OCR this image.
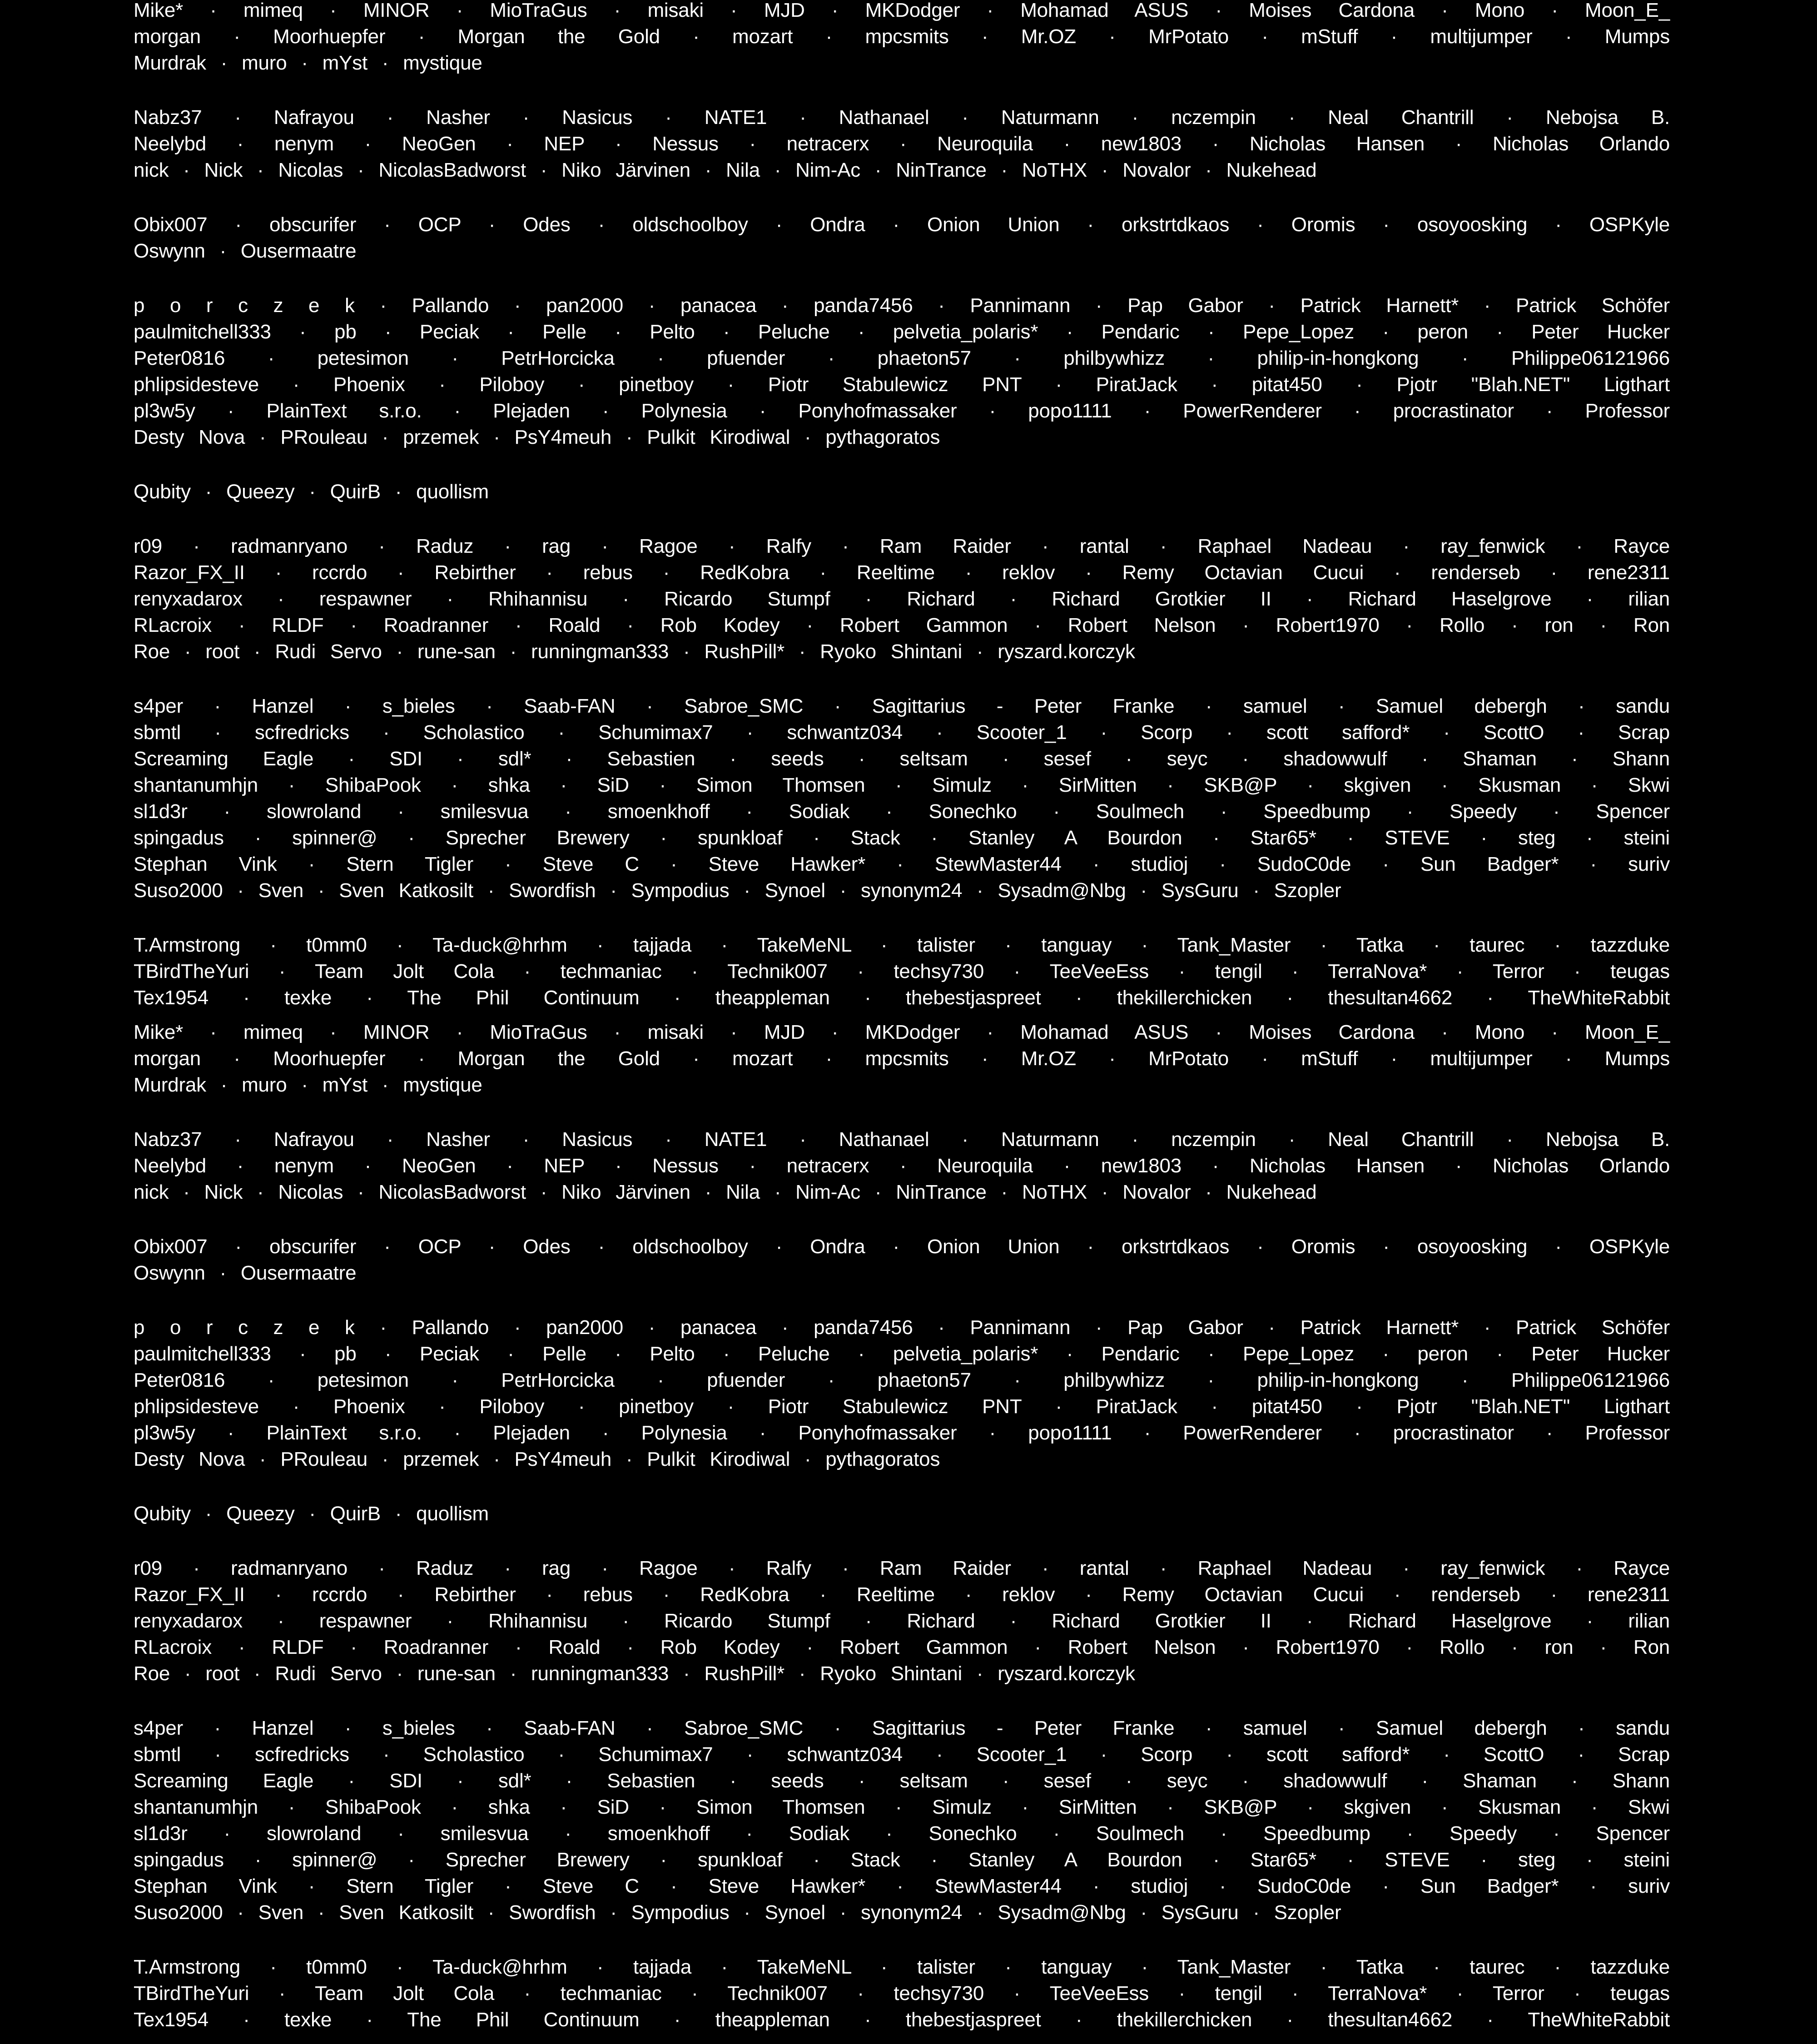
Mike* · mimeq · MINOR · MioTraGus · misaki · MJD · MKDodger · Mohamad ASUS · Moises Cardona · Mono · Moon_E_
morgan · Moorhuepfer · Morgan the Gold · mozart · mpcsmits · Mr.OZ · MrPotato · mStuff · multijumper · Mumps
Murdrak · muro · mYst · mystique
Nabz37 · Nafrayou · Nasher · Nasicus · NATE1 · Nathanael · Naturmann · nczempin · Neal Chantrill · Nebojsa B.
Neelybd · nenym · NeoGen · NEP · Nessus · netracerx · Neuroquila · new1803 · Nicholas Hansen · Nicholas Orlando
nick · Nick · Nicolas · NicolasBadworst · Niko Järvinen · Nila · Nim-Ac · NinTrance · NoTHX · Novalor · Nukehead
Obix007 · obscurifer · OCP · Odes · oldschoolboy · Ondra · Onion Union · orkstrtdkaos · Oromis · osoyoosking · OSPKyle
Oswynn · Ousermaatre
p o r c z e k · Pallando · pan2000 · panacea · panda7456 · Pannimann · Pap Gabor · Patrick Harnett* · Patrick Schöfer
paulmitchell333 · pb · Peciak · Pelle · Pelto · Peluche · pelvetia_polaris* · Pendaric · Pepe_Lopez · peron · Peter Hucker
Peter0816 · petesimon · PetrHorcicka · pfuender · phaeton57 · philbywhizz · philip-in-hongkong · Philippe06121966
phlipsidesteve · Phoenix · Piloboy · pinetboy · Piotr Stabulewicz PNT · PiratJack · pitat450 · Pjotr "Blah.NET" Ligthart
pl3w5y · PlainText s.r.o. · Plejaden · Polynesia · Ponyhofmassaker · popo1111 · PowerRenderer · procrastinator · Professor
Desty Nova · PRouleau · przemek · PsY4meuh · Pulkit Kirodiwal · pythagoratos
Qubity · Queezy · QuirB · quollism
r09 · radmanryano · Raduz · rag · Ragoe · Ralfy · Ram Raider · rantal · Raphael Nadeau · ray_fenwick · Rayce
Razor_FX_II · rccrdo · Rebirther · rebus · RedKobra · Reeltime · reklov · Remy Octavian Cucui · renderseb · rene2311
renyxadarox · respawner · Rhihannisu · Ricardo Stumpf · Richard · Richard Grotkier II · Richard Haselgrove · rilian
RLacroix · RLDF · Roadranner · Roald · Rob Kodey · Robert Gammon · Robert Nelson · Robert1970 · Rollo · ron · Ron
Roe · root · Rudi Servo · rune-san · runningman333 · RushPill* · Ryoko Shintani · ryszard.korczyk
s4per · Hanzel · s_bieles · Saab-FAN · Sabroe_SMC · Sagittarius - Peter Franke · samuel · Samuel debergh · sandu
sbmtl · scfredricks · Scholastico · Schumimax7 · schwantz034 · Scooter_1 · Scorp · scott safford* · ScottO · Scrap
Screaming Eagle · SDI · sdl* · Sebastien · seeds · seltsam · sesef · seyc · shadowwulf · Shaman · Shann
shantanumhjn · ShibaPook · shka · SiD · Simon Thomsen · Simulz · SirMitten · SKB@P · skgiven · Skusman · Skwi
sl1d3r · slowroland · smilesvua · smoenkhoff · Sodiak · Sonechko · Soulmech · Speedbump · Speedy · Spencer
spingadus · spinner@ · Sprecher Brewery · spunkloaf · Stack · Stanley A Bourdon · Star65* · STEVE · steg · steini
Stephan Vink · Stern Tigler · Steve C · Steve Hawker* · StewMaster44 · studioj · SudoC0de · Sun Badger* · suriv
Suso2000 · Sven · Sven Katkosilt · Swordfish · Sympodius · Synoel · synonym24 · Sysadm@Nbg · SysGuru · Szopler
T.Armstrong · t0mm0 · Ta-duck@hrhm · tajjada · TakeMeNL · talister · tanguay · Tank_Master · Tatka · taurec · tazzduke
TBirdTheYuri · Team Jolt Cola · techmaniac · Technik007 · techsy730 · TeeVeeEss · tengil · TerraNova* · Terror · teugas
Tex1954 · texke · The Phil Continuum · theappleman · thebestjaspreet · thekillerchicken · thesultan4662 · TheWhiteRabbit
Mike* · mimeq · MINOR · MioTraGus · misaki · MJD · MKDodger · Mohamad ASUS · Moises Cardona · Mono · Moon_E_
morgan · Moorhuepfer · Morgan the Gold · mozart · mpcsmits · Mr.OZ · MrPotato · mStuff · multijumper · Mumps
Murdrak · muro · mYst · mystique
Nabz37 · Nafrayou · Nasher · Nasicus · NATE1 · Nathanael · Naturmann · nczempin · Neal Chantrill · Nebojsa B.
Neelybd · nenym · NeoGen · NEP · Nessus · netracerx · Neuroquila · new1803 · Nicholas Hansen · Nicholas Orlando
nick · Nick · Nicolas · NicolasBadworst · Niko Järvinen · Nila · Nim-Ac · NinTrance · NoTHX · Novalor · Nukehead
Obix007 · obscurifer · OCP · Odes · oldschoolboy · Ondra · Onion Union · orkstrtdkaos · Oromis · osoyoosking · OSPKyle
Oswynn · Ousermaatre
p o r c z e k · Pallando · pan2000 · panacea · panda7456 · Pannimann · Pap Gabor · Patrick Harnett* · Patrick Schöfer
paulmitchell333 · pb · Peciak · Pelle · Pelto · Peluche · pelvetia_polaris* · Pendaric · Pepe_Lopez · peron · Peter Hucker
Peter0816 · petesimon · PetrHorcicka · pfuender · phaeton57 · philbywhizz · philip-in-hongkong · Philippe06121966
phlipsidesteve · Phoenix · Piloboy · pinetboy · Piotr Stabulewicz PNT · PiratJack · pitat450 · Pjotr "Blah.NET" Ligthart
pl3w5y · PlainText s.r.o. · Plejaden · Polynesia · Ponyhofmassaker · popo1111 · PowerRenderer · procrastinator · Professor
Desty Nova · PRouleau · przemek · PsY4meuh · Pulkit Kirodiwal · pythagoratos
Qubity · Queezy · QuirB · quollism
r09 · radmanryano · Raduz · rag · Ragoe · Ralfy · Ram Raider · rantal · Raphael Nadeau · ray_fenwick · Rayce
Razor_FX_II · rccrdo · Rebirther · rebus · RedKobra · Reeltime · reklov · Remy Octavian Cucui · renderseb · rene2311
renyxadarox · respawner · Rhihannisu · Ricardo Stumpf · Richard · Richard Grotkier II · Richard Haselgrove · rilian
RLacroix · RLDF · Roadranner · Roald · Rob Kodey · Robert Gammon · Robert Nelson · Robert1970 · Rollo · ron · Ron
Roe · root · Rudi Servo · rune-san · runningman333 · RushPill* · Ryoko Shintani · ryszard.korczyk
s4per · Hanzel · s_bieles · Saab-FAN · Sabroe_SMC · Sagittarius - Peter Franke · samuel · Samuel debergh · sandu
sbmtl · scfredricks · Scholastico · Schumimax7 · schwantz034 · Scooter_1 · Scorp · scott safford* · ScottO · Scrap
Screaming Eagle · SDI · sdl* · Sebastien · seeds · seltsam · sesef · seyc · shadowwulf · Shaman · Shann
shantanumhjn · ShibaPook · shka · SiD · Simon Thomsen · Simulz · SirMitten · SKB@P · skgiven · Skusman · Skwi
sl1d3r · slowroland · smilesvua · smoenkhoff · Sodiak · Sonechko · Soulmech · Speedbump · Speedy · Spencer
spingadus · spinner@ · Sprecher Brewery · spunkloaf · Stack · Stanley A Bourdon · Star65* · STEVE · steg · steini
Stephan Vink · Stern Tigler · Steve C · Steve Hawker* · StewMaster44 · studioj · SudoC0de · Sun Badger* · suriv
Suso2000 · Sven · Sven Katkosilt · Swordfish · Sympodius · Synoel · synonym24 · Sysadm@Nbg · SysGuru · Szopler
T.Armstrong · t0mm0 · Ta-duck@hrhm · tajjada · TakeMeNL · talister · tanguay · Tank_Master · Tatka · taurec · tazzduke
TBirdTheYuri · Team Jolt Cola · techmaniac · Technik007 · techsy730 · TeeVeeEss · tengil · TerraNova* · Terror · teugas
Tex1954 · texke · The Phil Continuum · theappleman · thebestjaspreet · thekillerchicken · thesultan4662 · TheWhiteRabbit
